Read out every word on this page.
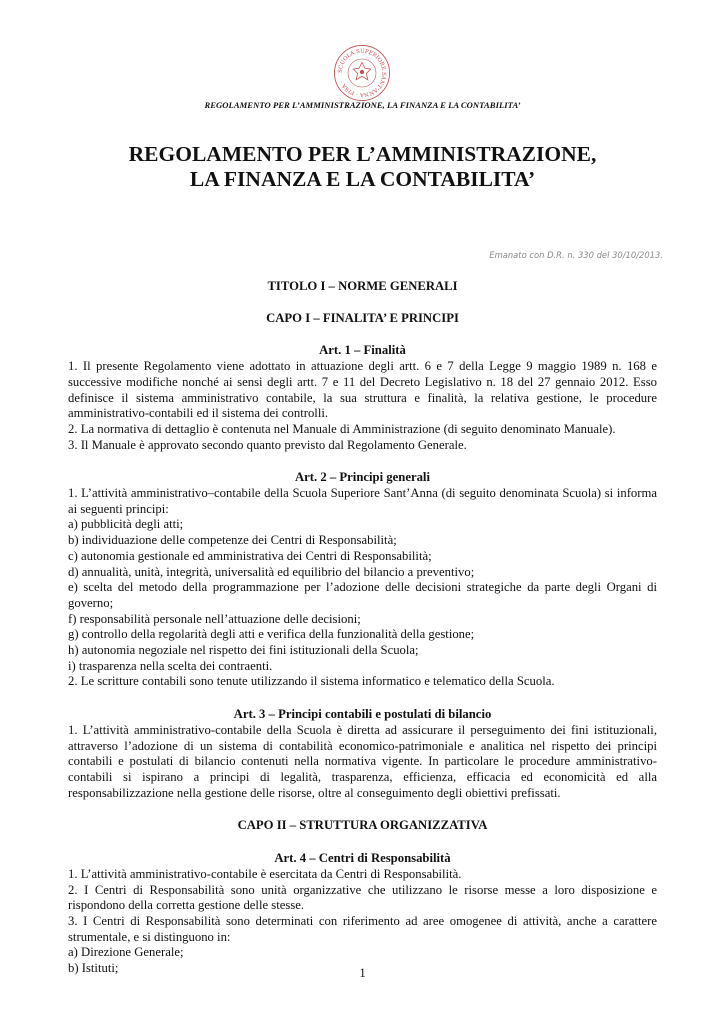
SCUOLA SUPERIORE SANT'ANNA · PISA ·
REGOLAMENTO PER L’AMMINISTRAZIONE, LA FINANZA E LA CONTABILITA’
REGOLAMENTO PER L’AMMINISTRAZIONE,
LA FINANZA E LA CONTABILITA’
Emanato con D.R. n. 330 del 30/10/2013.

TITOLO I – NORME GENERALI

CAPO I – FINALITA’ E PRINCIPI

Art. 1 – Finalità

1. Il presente Regolamento viene adottato in attuazione degli artt. 6 e 7 della Legge 9 maggio 1989 n. 168 e successive modifiche nonché ai sensi degli artt. 7 e 11 del Decreto Legislativo n. 18 del 27 gennaio 2012. Esso definisce il sistema amministrativo contabile, la sua struttura e finalità, la relativa gestione, le procedure amministrativo-contabili ed il sistema dei controlli.

2. La normativa di dettaglio è contenuta nel Manuale di Amministrazione (di seguito denominato Manuale).

3. Il Manuale è approvato secondo quanto previsto dal Regolamento Generale.

Art. 2 – Principi generali

1. L’attività amministrativo–contabile della Scuola Superiore Sant’Anna (di seguito denominata Scuola) si informa ai seguenti principi:

a) pubblicità degli atti;

b) individuazione delle competenze dei Centri di Responsabilità;

c) autonomia gestionale ed amministrativa dei Centri di Responsabilità;

d) annualità, unità, integrità, universalità ed equilibrio del bilancio a preventivo;

e) scelta del metodo della programmazione per l’adozione delle decisioni strategiche da parte degli Organi di governo;

f) responsabilità personale nell’attuazione delle decisioni;

g) controllo della regolarità degli atti e verifica della funzionalità della gestione;

h) autonomia negoziale nel rispetto dei fini istituzionali della Scuola;

i) trasparenza nella scelta dei contraenti.

2. Le scritture contabili sono tenute utilizzando il sistema informatico e telematico della Scuola.

Art. 3 – Principi contabili e postulati di bilancio

1. L’attività amministrativo-contabile della Scuola è diretta ad assicurare il perseguimento dei fini istituzionali, attraverso l’adozione di un sistema di contabilità economico-patrimoniale e analitica nel rispetto dei principi contabili e postulati di bilancio contenuti nella normativa vigente. In particolare le procedure amministrativo-contabili si ispirano a principi di legalità, trasparenza, efficienza, efficacia ed economicità ed alla responsabilizzazione nella gestione delle risorse, oltre al conseguimento degli obiettivi prefissati.

CAPO II – STRUTTURA ORGANIZZATIVA

Art. 4 – Centri di Responsabilità

1. L’attività amministrativo-contabile è esercitata da Centri di Responsabilità.

2. I Centri di Responsabilità sono unità organizzative che utilizzano le risorse messe a loro disposizione e rispondono della corretta gestione delle stesse.

3. I Centri di Responsabilità sono determinati con riferimento ad aree omogenee di attività, anche a carattere strumentale, e si distinguono in:

a) Direzione Generale;

b) Istituti;	1
